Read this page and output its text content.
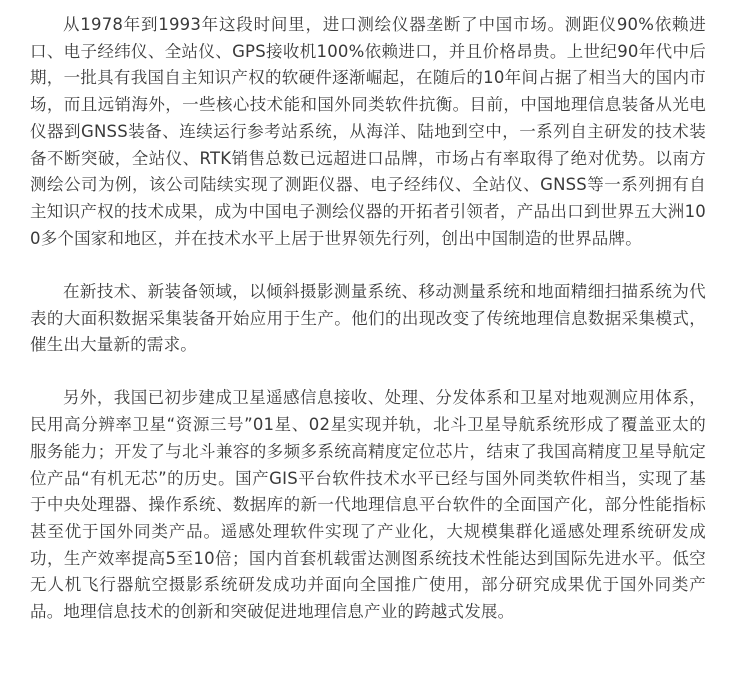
从1978年到1993年这段时间里，进口测绘仪器垄断了中国市场。测距仪90%依赖进口、电子经纬仪、全站仪、GPS接收机100%依赖进口，并且价格昂贵。上世纪90年代中后期，一批具有我国自主知识产权的软硬件逐渐崛起，在随后的10年间占据了相当大的国内市场，而且远销海外，一些核心技术能和国外同类软件抗衡。目前，中国地理信息装备从光电仪器到GNSS装备、连续运行参考站系统，从海洋、陆地到空中，一系列自主研发的技术装备不断突破，全站仪、RTK销售总数已远超进口品牌，市场占有率取得了绝对优势。以南方测绘公司为例，该公司陆续实现了测距仪器、电子经纬仪、全站仪、GNSS等一系列拥有自主知识产权的技术成果，成为中国电子测绘仪器的开拓者引领者，产品出口到世界五大洲100多个国家和地区，并在技术水平上居于世界领先行列，创出中国制造的世界品牌。

在新技术、新装备领域，以倾斜摄影测量系统、移动测量系统和地面精细扫描系统为代表的大面积数据采集装备开始应用于生产。他们的出现改变了传统地理信息数据采集模式，催生出大量新的需求。

另外，我国已初步建成卫星遥感信息接收、处理、分发体系和卫星对地观测应用体系，民用高分辨率卫星“资源三号”01星、02星实现并轨，北斗卫星导航系统形成了覆盖亚太的服务能力；开发了与北斗兼容的多频多系统高精度定位芯片，结束了我国高精度卫星导航定位产品“有机无芯”的历史。国产GIS平台软件技术水平已经与国外同类软件相当，实现了基于中央处理器、操作系统、数据库的新一代地理信息平台软件的全面国产化，部分性能指标甚至优于国外同类产品。遥感处理软件实现了产业化，大规模集群化遥感处理系统研发成功，生产效率提高5至10倍；国内首套机载雷达测图系统技术性能达到国际先进水平。低空无人机飞行器航空摄影系统研发成功并面向全国推广使用，部分研究成果优于国外同类产品。地理信息技术的创新和突破促进地理信息产业的跨越式发展。
